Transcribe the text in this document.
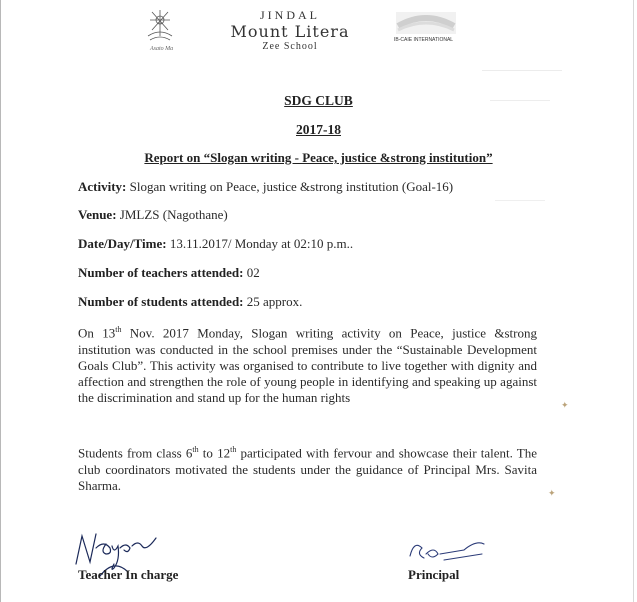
Asato Ma
JINDAL
Mount Litera
Zee School
IB-CAIE INTERNATIONAL
SDG CLUB
2017-18
Report on “Slogan writing - Peace, justice &strong institution”
Activity: Slogan writing on Peace, justice &strong institution (Goal-16)
Venue: JMLZS (Nagothane)
Date/Day/Time: 13.11.2017/ Monday at 02:10 p.m..
Number of teachers attended: 02
Number of students attended: 25 approx.
On 13th Nov. 2017 Monday, Slogan writing activity on Peace, justice &strong institution was conducted in the school premises under the “Sustainable Development Goals Club”. This activity was organised to contribute to live together with dignity and affection and strengthen the role of young people in identifying and speaking up against the discrimination and stand up for the human rights
Students from class 6th to 12th participated with fervour and showcase their talent. The club coordinators motivated the students under the guidance of Principal Mrs. Savita Sharma.
✦
✦
Teacher In charge	Principal
